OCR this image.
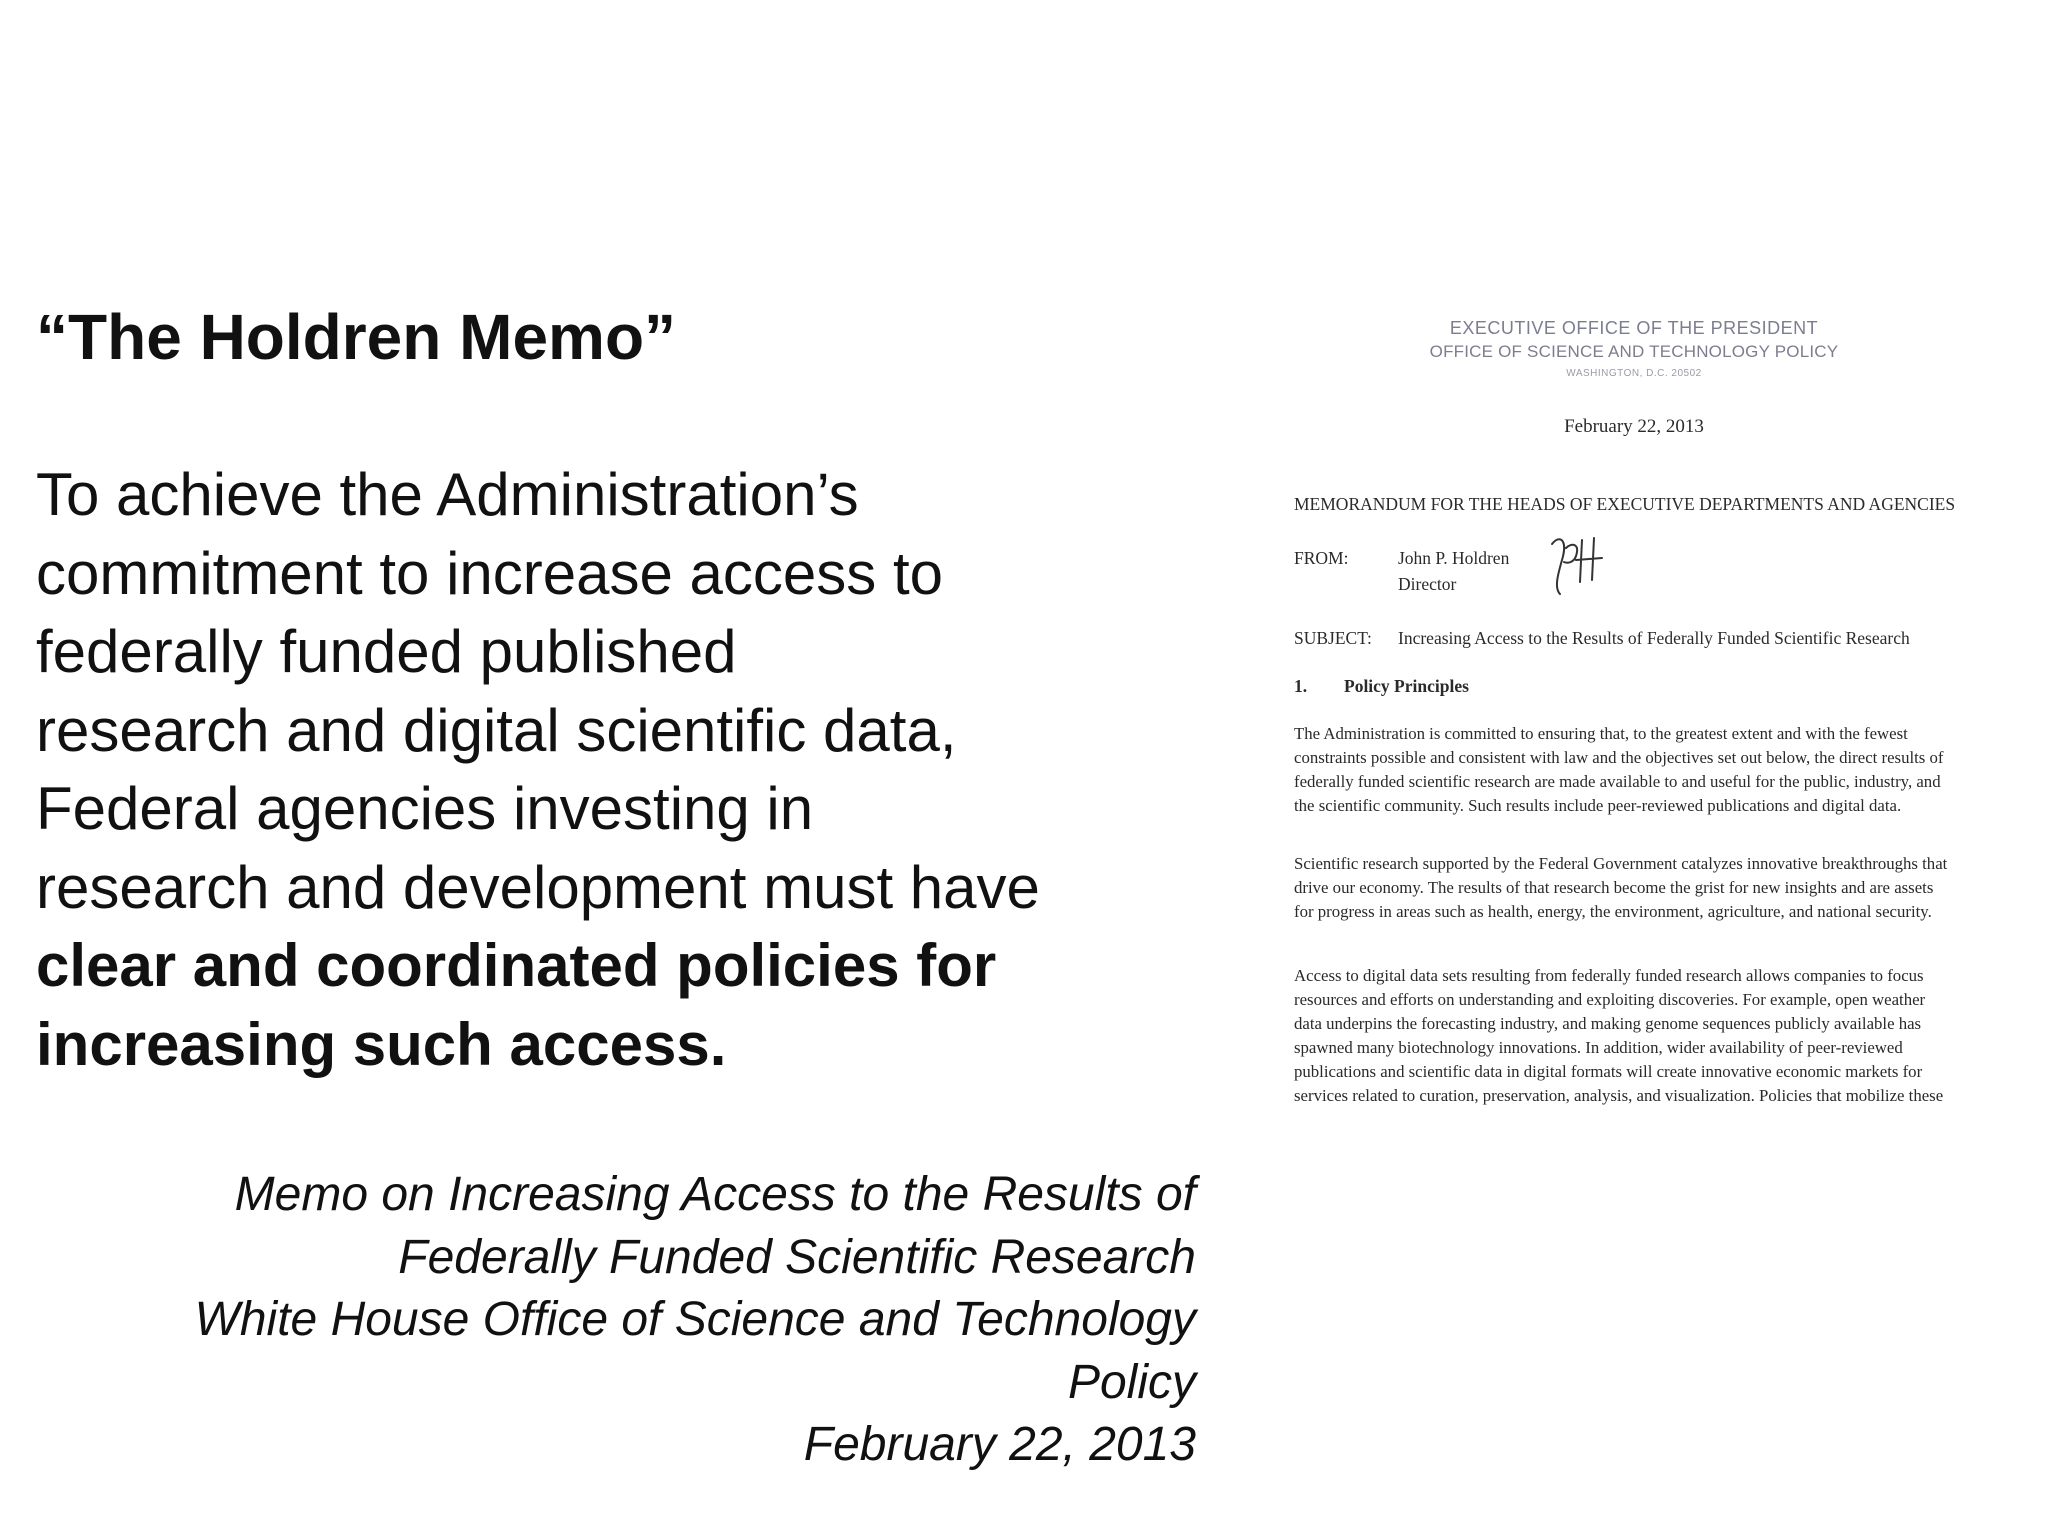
“The Holdren Memo”
To achieve the Administration’s
commitment to increase access to
federally funded published
research and digital scientific data,
Federal agencies investing in
research and development must have
clear and coordinated policies for
increasing such access.
Memo on Increasing Access to the Results of
Federally Funded Scientific Research
White House Office of Science and Technology
Policy
February 22, 2013
EXECUTIVE OFFICE OF THE PRESIDENT
OFFICE OF SCIENCE AND TECHNOLOGY POLICY
WASHINGTON, D.C. 20502
February 22, 2013
MEMORANDUM FOR THE HEADS OF EXECUTIVE DEPARTMENTS AND AGENCIES
FROM:	John P. Holdren
Director
SUBJECT: Increasing Access to the Results of Federally Funded Scientific Research
1. Policy Principles
The Administration is committed to ensuring that, to the greatest extent and with the fewest
constraints possible and consistent with law and the objectives set out below, the direct results of
federally funded scientific research are made available to and useful for the public, industry, and
the scientific community. Such results include peer-reviewed publications and digital data.
Scientific research supported by the Federal Government catalyzes innovative breakthroughs that
drive our economy. The results of that research become the grist for new insights and are assets
for progress in areas such as health, energy, the environment, agriculture, and national security.
Access to digital data sets resulting from federally funded research allows companies to focus
resources and efforts on understanding and exploiting discoveries. For example, open weather
data underpins the forecasting industry, and making genome sequences publicly available has
spawned many biotechnology innovations. In addition, wider availability of peer-reviewed
publications and scientific data in digital formats will create innovative economic markets for
services related to curation, preservation, analysis, and visualization. Policies that mobilize these
